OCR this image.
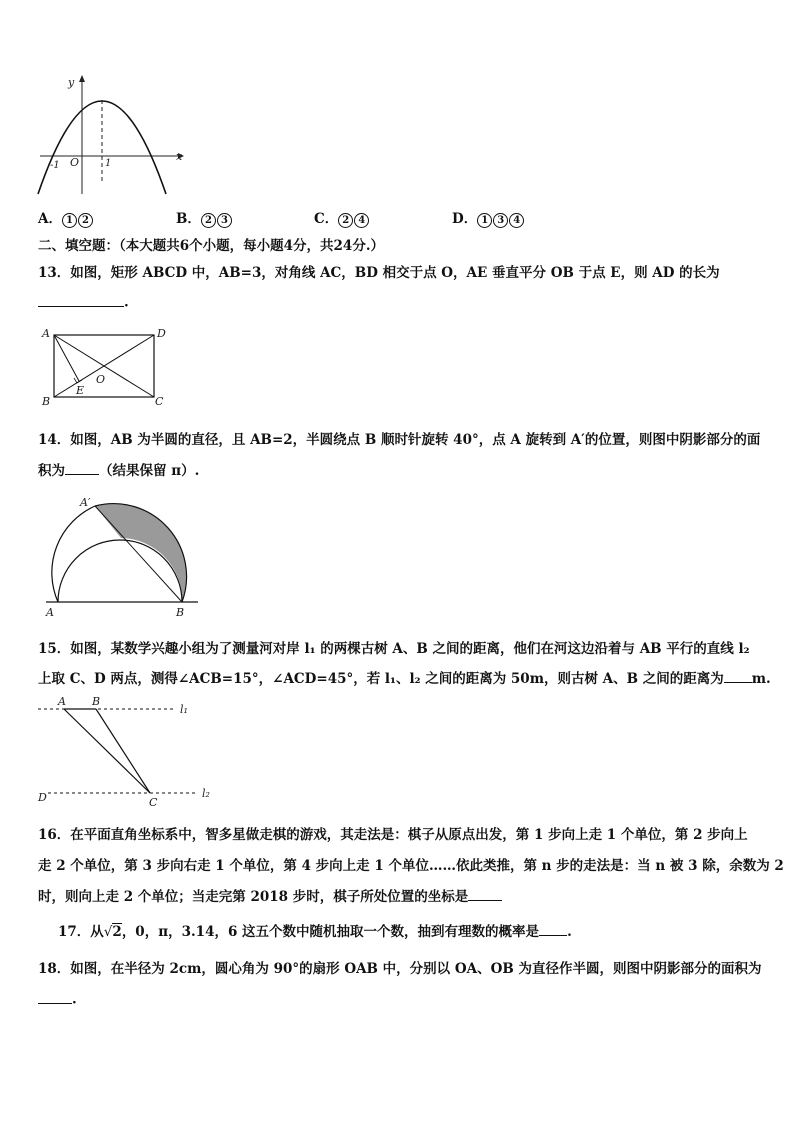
y
x
O
-1	1
A． 1 2	B． 2 3	C． 2 4	D． 1 3 4
二、填空题：（本大题共6个小题，每小题4分，共24分.）
13．如图，矩形 ABCD 中，AB=3，对角线 AC，BD 相交于点 O，AE 垂直平分 OB 于点 E，则 AD 的长为
.
A	D
B	C
E
O
14．如图，AB 为半圆的直径，且 AB=2，半圆绕点 B 顺时针旋转 40°，点 A 旋转到 A′的位置，则图中阴影部分的面
积为	（结果保留 π）.
A′
A	B
15．如图，某数学兴趣小组为了测量河对岸 l₁ 的两棵古树 A、B 之间的距离，他们在河这边沿着与 AB 平行的直线 l₂
上取 C、D 两点，测得∠ACB=15°，∠ACD=45°，若 l₁、l₂ 之间的距离为 50m，则古树 A、B 之间的距离为 m.
A B
C
D
l₁
l₂
16．在平面直角坐标系中，智多星做走棋的游戏，其走法是：棋子从原点出发，第 1 步向上走 1 个单位，第 2 步向上
走 2 个单位，第 3 步向右走 1 个单位，第 4 步向上走 1 个单位……依此类推，第 n 步的走法是：当 n 被 3 除，余数为 2
时，则向上走 2 个单位；当走完第 2018 步时，棋子所处位置的坐标是
17．从√2，0，π，3.14，6 这五个数中随机抽取一个数，抽到有理数的概率是 .
18．如图，在半径为 2cm，圆心角为 90°的扇形 OAB 中，分别以 OA、OB 为直径作半圆，则图中阴影部分的面积为
.
